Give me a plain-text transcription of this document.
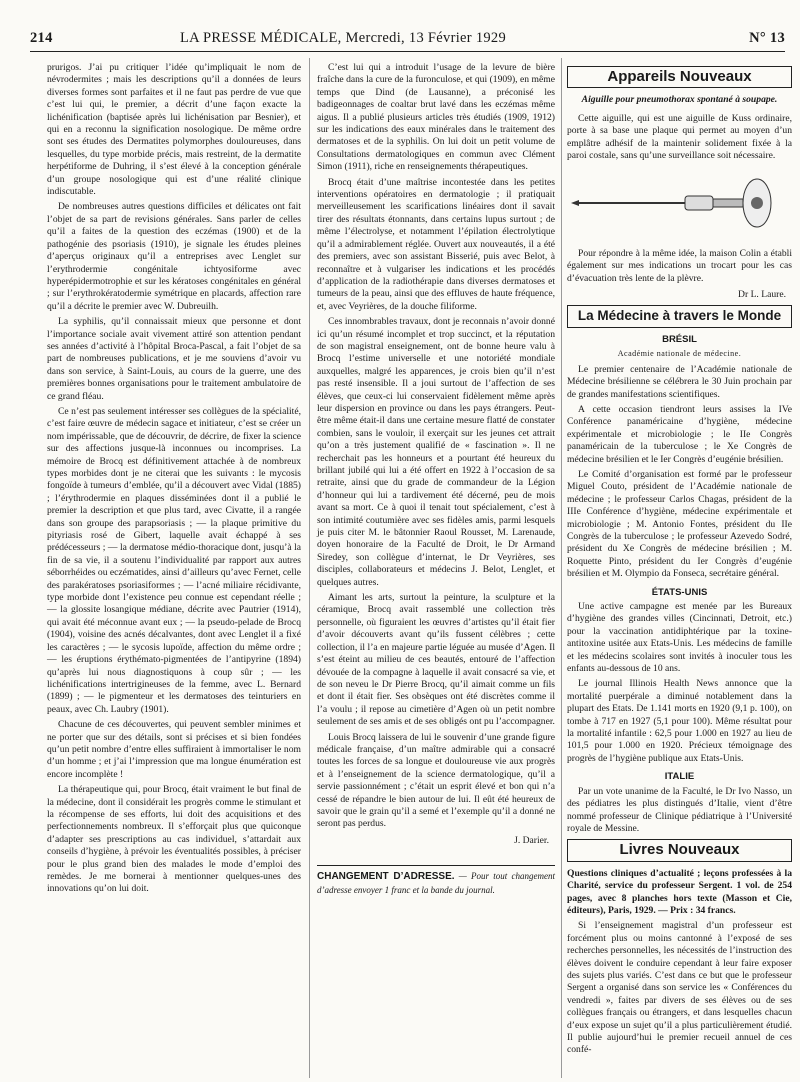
214	LA PRESSE MÉDICALE, Mercredi, 13 Février 1929	N° 13

prurigos. J’ai pu critiquer l’idée qu’impliquait le nom de névrodermites ; mais les descriptions qu’il a données de leurs diverses formes sont parfaites et il ne faut pas perdre de vue que c’est lui qui, le premier, a décrit d’une façon exacte la lichénification (baptisée après lui lichénisation par Besnier), et qui en a reconnu la signification nosologique. De même ordre sont ses études des Dermatites polymorphes douloureuses, dans lesquelles, du type morbide précis, mais restreint, de la dermatite herpétiforme de Duhring, il s’est élevé à la conception générale d’un groupe nosologique qui est d’une réalité clinique indiscutable.

De nombreuses autres questions difficiles et délicates ont fait l’objet de sa part de revisions générales. Sans parler de celles qu’il a faites de la question des eczémas (1900) et de la pathogénie des psoriasis (1910), je signale les études pleines d’aperçus originaux qu’il a entreprises avec Lenglet sur l’erythrodermie congénitale ichtyosiforme avec hyperépidermotrophie et sur les kératoses congénitales en général ; sur l’erythrokératodermie symétrique en placards, affection rare qu’il a décrite le premier avec W. Dubreuilh.

La syphilis, qu’il connaissait mieux que personne et dont l’importance sociale avait vivement attiré son attention pendant ses années d’activité à l’hôpital Broca-Pascal, a fait l’objet de sa part de nombreuses publications, et je me souviens d’avoir vu dans son service, à Saint-Louis, au cours de la guerre, une des premières bonnes organisations pour le traitement ambulatoire de ce grand fléau.

Ce n’est pas seulement intéresser ses collègues de la spécialité, c’est faire œuvre de médecin sagace et initiateur, c’est se créer un nom impérissable, que de découvrir, de décrire, de fixer la science sur des affections jusque-là inconnues ou incomprises. La mémoire de Brocq est définitivement attachée à de nombreux types morbides dont je ne citerai que les suivants : le mycosis fongoïde à tumeurs d’emblée, qu’il a découvert avec Vidal (1885) ; l’érythrodermie en plaques disséminées dont il a publié le premier la description et que plus tard, avec Civatte, il a rangée dans son groupe des parapsoriasis ; — la plaque primitive du pityriasis rosé de Gibert, laquelle avait échappé à ses prédécesseurs ; — la dermatose médio-thoracique dont, jusqu’à la fin de sa vie, il a soutenu l’individualité par rapport aux autres séborrhéides ou eczématides, ainsi d’ailleurs qu’avec Fernet, celle des parakératoses psoriasiformes ; — l’acné miliaire récidivante, type morbide dont l’existence peu connue est cependant réelle ; — la glossite losangique médiane, décrite avec Pautrier (1914), qui avait été méconnue avant eux ; — la pseudo-pelade de Brocq (1904), voisine des acnés décalvantes, dont avec Lenglet il a fixé les caractères ; — le sycosis lupoïde, affection du même ordre ; — les éruptions érythémato-pigmentées de l’antipyrine (1894) qu’après lui nous diagnostiquons à coup sûr ; — les lichénifications intertrigineuses de la femme, avec L. Bernard (1899) ; — le pigmenteur et les dermatoses des teinturiers en peaux, avec Ch. Laubry (1901).

Chacune de ces découvertes, qui peuvent sembler minimes et ne porter que sur des détails, sont si précises et si bien fondées qu’un petit nombre d’entre elles suffiraient à immortaliser le nom d’un homme ; et j’ai l’impression que ma longue énumération est encore incomplète !

La thérapeutique qui, pour Brocq, était vraiment le but final de la médecine, dont il considérait les progrès comme le stimulant et la récompense de ses efforts, lui doit des acquisitions et des perfectionnements nombreux. Il s’efforçait plus que quiconque d’adapter ses prescriptions au cas individuel, s’attardait aux conseils d’hygiène, à prévoir les éventualités possibles, à préciser pour le plus grand bien des malades le mode d’emploi des remèdes. Je me bornerai à mentionner quelques-unes des innovations qu’on lui doit.

C’est lui qui a introduit l’usage de la levure de bière fraîche dans la cure de la furonculose, et qui (1909), en même temps que Dind (de Lausanne), a préconisé les badigeonnages de coaltar brut lavé dans les eczémas même aigus. Il a publié plusieurs articles très étudiés (1909, 1912) sur les indications des eaux minérales dans le traitement des dermatoses et de la syphilis. On lui doit un petit volume de Consultations dermatologiques en commun avec Clément Simon (1911), riche en renseignements thérapeutiques.

Brocq était d’une maîtrise incontestée dans les petites interventions opératoires en dermatologie ; il pratiquait merveilleusement les scarifications linéaires dont il savait tirer des résultats étonnants, dans certains lupus surtout ; de même l’électrolyse, et notamment l’épilation électrolytique qu’il a admirablement réglée. Ouvert aux nouveautés, il a été des premiers, avec son assistant Bisserié, puis avec Belot, à reconnaître et à vulgariser les indications et les procédés d’application de la radiothérapie dans diverses dermatoses et tumeurs de la peau, ainsi que des effluves de haute fréquence, et, avec Veyrières, de la douche filiforme.

Ces innombrables travaux, dont je reconnais n’avoir donné ici qu’un résumé incomplet et trop succinct, et la réputation de son magistral enseignement, ont de bonne heure valu à Brocq l’estime universelle et une notoriété mondiale auxquelles, malgré les apparences, je crois bien qu’il n’est pas resté insensible. Il a joui surtout de l’affection de ses élèves, que ceux-ci lui conservaient fidèlement même après leur dispersion en province ou dans les pays étrangers. Peut-être même était-il dans une certaine mesure flatté de constater combien, sans le vouloir, il exerçait sur les jeunes cet attrait qu’on a très justement qualifié de « fascination ». Il ne recherchait pas les honneurs et a pourtant été heureux du brillant jubilé qui lui a été offert en 1922 à l’occasion de sa retraite, ainsi que du grade de commandeur de la Légion d’honneur qui lui a tardivement été décerné, peu de mois avant sa mort. Ce à quoi il tenait tout spécialement, c’est à son intimité coutumière avec ses fidèles amis, parmi lesquels je puis citer M. le bâtonnier Raoul Rousset, M. Larenaude, doyen honoraire de la Faculté de Droit, le Dr Armand Siredey, son collègue d’internat, le Dr Veyrières, ses disciples, collaborateurs et médecins J. Belot, Lenglet, et quelques autres.

Aimant les arts, surtout la peinture, la sculpture et la céramique, Brocq avait rassemblé une collection très personnelle, où figuraient les œuvres d’artistes qu’il était fier d’avoir découverts avant qu’ils fussent célèbres ; cette collection, il l’a en majeure partie léguée au musée d’Agen. Il s’est éteint au milieu de ces beautés, entouré de l’affection dévouée de la compagne à laquelle il avait consacré sa vie, et de son neveu le Dr Pierre Brocq, qu’il aimait comme un fils et dont il était fier. Ses obsèques ont été discrètes comme il l’a voulu ; il repose au cimetière d’Agen où un petit nombre seulement de ses amis et de ses obligés ont pu l’accompagner.

Louis Brocq laissera de lui le souvenir d’une grande figure médicale française, d’un maître admirable qui a consacré toutes les forces de sa longue et douloureuse vie aux progrès et à l’enseignement de la science dermatologique, qu’il a servie passionnément ; c’était un esprit élevé et bon qui n’a cessé de répandre le bien autour de lui. Il eût été heureux de savoir que le grain qu’il a semé et l’exemple qu’il a donné ne seront pas perdus.

J. Darier.
CHANGEMENT D’ADRESSE. — Pour tout changement d’adresse envoyer 1 franc et la bande du journal.
Appareils Nouveaux
Aiguille pour pneumothorax spontané à soupape.

Cette aiguille, qui est une aiguille de Kuss ordinaire, porte à sa base une plaque qui permet au moyen d’un emplâtre adhésif de la maintenir solidement fixée à la paroi costale, sans qu’une surveillance soit nécessaire.

Pour répondre à la même idée, la maison Colin a établi également sur mes indications un trocart pour les cas d’évacuation très lente de la plèvre.

Dr L. Laure.
La Médecine à travers le Monde
BRÉSIL
Académie nationale de médecine.

Le premier centenaire de l’Académie nationale de Médecine brésilienne se célébrera le 30 Juin prochain par de grandes manifestations scientifiques.

A cette occasion tiendront leurs assises la IVe Conférence panaméricaine d’hygiène, médecine expérimentale et microbiologie ; le IIe Congrès panaméricain de la tuberculose ; le Xe Congrès de médecine brésilien et le Ier Congrès d’eugénie brésilien.

Le Comité d’organisation est formé par le professeur Miguel Couto, président de l’Académie nationale de médecine ; le professeur Carlos Chagas, président de la IIIe Conférence d’hygiène, médecine expérimentale et microbiologie ; M. Antonio Fontes, président du IIe Congrès de la tuberculose ; le professeur Azevedo Sodré, président du Xe Congrès de médecine brésilien ; M. Roquette Pinto, président du Ier Congrès d’eugénie brésilien et M. Olympio da Fonseca, secrétaire général.

ÉTATS-UNIS

Une active campagne est menée par les Bureaux d’hygiène des grandes villes (Cincinnati, Detroit, etc.) pour la vaccination antidiphtérique par la toxine-antitoxine usitée aux Etats-Unis. Les médecins de famille et les médecins scolaires sont invités à inoculer tous les enfants au-dessous de 10 ans.

Le journal Illinois Health News annonce que la mortalité puerpérale a diminué notablement dans la plupart des Etats. De 1.141 morts en 1920 (9,1 p. 100), on tombe à 717 en 1927 (5,1 pour 100). Même résultat pour la mortalité infantile : 62,5 pour 1.000 en 1927 au lieu de 101,5 pour 1.000 en 1920. Précieux témoignage des progrès de l’hygiène publique aux Etats-Unis.

ITALIE

Par un vote unanime de la Faculté, le Dr Ivo Nasso, un des pédiatres les plus distingués d’Italie, vient d’être nommé professeur de Clinique pédiatrique à l’Université royale de Messine.

Livres Nouveaux

Questions cliniques d’actualité ; leçons professées à la Charité, service du professeur Sergent. 1 vol. de 254 pages, avec 8 planches hors texte (Masson et Cie, éditeurs), Paris, 1929. — Prix : 34 francs.

Si l’enseignement magistral d’un professeur est forcément plus ou moins cantonné à l’exposé de ses recherches personnelles, les nécessités de l’instruction des élèves doivent le conduire cependant à leur faire exposer des sujets plus variés. C’est dans ce but que le professeur Sergent a organisé dans son service les « Conférences du vendredi », faites par divers de ses élèves ou de ses collègues français ou étrangers, et dans lesquelles chacun d’eux expose un sujet qu’il a plus particulièrement étudié. Il publie aujourd’hui le premier recueil annuel de ces confé-
